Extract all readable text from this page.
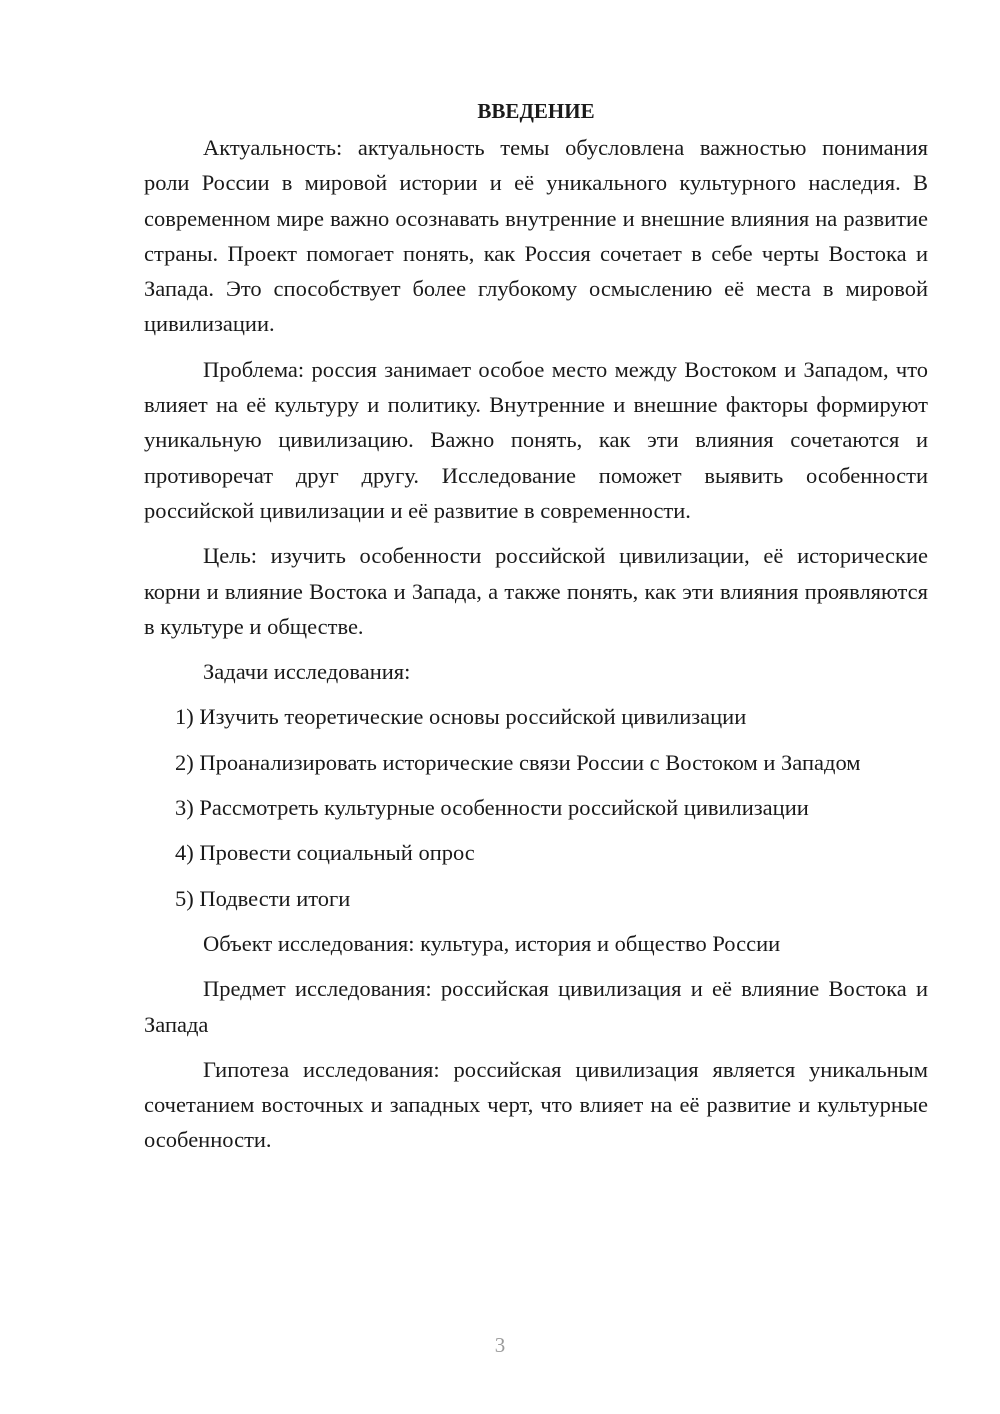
ВВЕДЕНИЕ

Актуальность: актуальность темы обусловлена важностью понимания роли России в мировой истории и её уникального культурного наследия. В современном мире важно осознавать внутренние и внешние влияния на развитие страны. Проект помогает понять, как Россия сочетает в себе черты Востока и Запада. Это способствует более глубокому осмыслению её места в мировой цивилизации.

Проблема: россия занимает особое место между Востоком и Западом, что влияет на её культуру и политику. Внутренние и внешние факторы формируют уникальную цивилизацию. Важно понять, как эти влияния сочетаются и противоречат друг другу. Исследование поможет выявить особенности российской цивилизации и её развитие в современности.

Цель: изучить особенности российской цивилизации, её исторические корни и влияние Востока и Запада, а также понять, как эти влияния проявляются в культуре и обществе.

Задачи исследования:

1) Изучить теоретические основы российской цивилизации

2) Проанализировать исторические связи России с Востоком и Западом

3) Рассмотреть культурные особенности российской цивилизации

4) Провести социальный опрос

5) Подвести итоги

Объект исследования: культура, история и общество России

Предмет исследования: российская цивилизация и её влияние Востока и Запада

Гипотеза исследования: российская цивилизация является уникальным сочетанием восточных и западных черт, что влияет на её развитие и культурные особенности.

3
